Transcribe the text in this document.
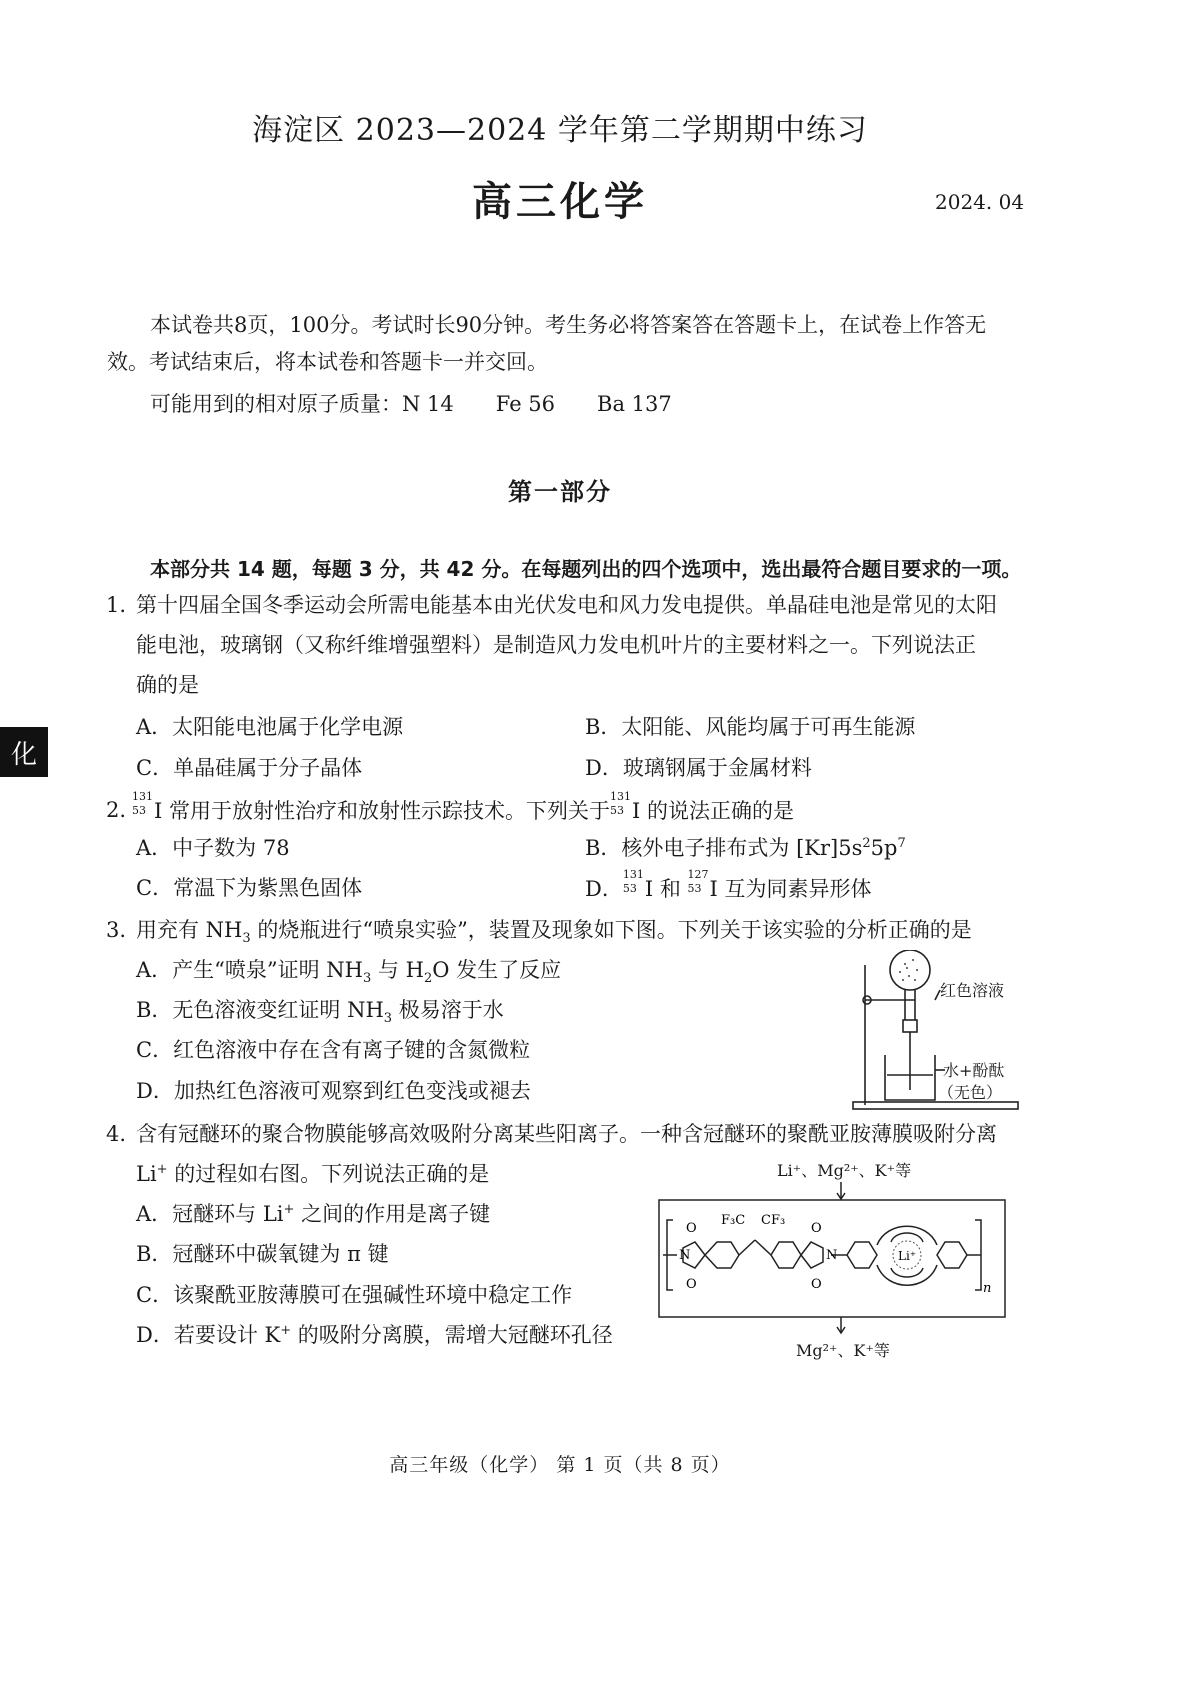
海淀区 2023—2024 学年第二学期期中练习
高三化学	2024. 04
本试卷共8页，100分。考试时长90分钟。考生务必将答案答在答题卡上，在试卷上作答无
效。考试结束后，将本试卷和答题卡一并交回。
可能用到的相对原子质量：N 14 Fe 56 Ba 137
第一部分
本部分共 14 题，每题 3 分，共 42 分。在每题列出的四个选项中，选出最符合题目要求的一项。
化
1. 第十四届全国冬季运动会所需电能基本由光伏发电和风力发电提供。单晶硅电池是常见的太阳
能电池，玻璃钢（又称纤维增强塑料）是制造风力发电机叶片的主要材料之一。下列说法正
确的是
A．太阳能电池属于化学电源	B．太阳能、风能均属于可再生能源
C．单晶硅属于分子晶体	D．玻璃钢属于金属材料
2.
131
53 I 常用于放射性治疗和放射性示踪技术。下列关于
131
53 I 的说法正确的是
A．中子数为 78	B．核外电子排布式为 $[Kr]5s^25p^7$
C．常温下为紫黑色固体	D．
131
53 I 和
127
53 I 互为同素异形体
3. 用充有 $NH_3$ 的烧瓶进行“喷泉实验”，装置及现象如下图。下列关于该实验的分析正确的是
A．产生“喷泉”证明 $NH_3$ 与 $H_2O$ 发生了反应
B．无色溶液变红证明 $NH_3$ 极易溶于水
C．红色溶液中存在含有离子键的含氮微粒
D．加热红色溶液可观察到红色变浅或褪去
红色溶液
水+酚酞
（无色）
4. 含有冠醚环的聚合物膜能够高效吸附分离某些阳离子。一种含冠醚环的聚酰亚胺薄膜吸附分离
Li+ 的过程如右图。下列说法正确的是
A．冠醚环与 Li+ 之间的作用是离子键
B．冠醚环中碳氧键为 π 键
C．该聚酰亚胺薄膜可在强碱性环境中稳定工作
D．若要设计 K+ 的吸附分离膜，需增大冠醚环孔径
Li⁺、Mg²⁺、K⁺等
Mg²⁺、K⁺等
Li⁺
N	N
O
O
O
O
F₃C CF₃
n
高三年级（化学） 第 1 页（共 8 页）
